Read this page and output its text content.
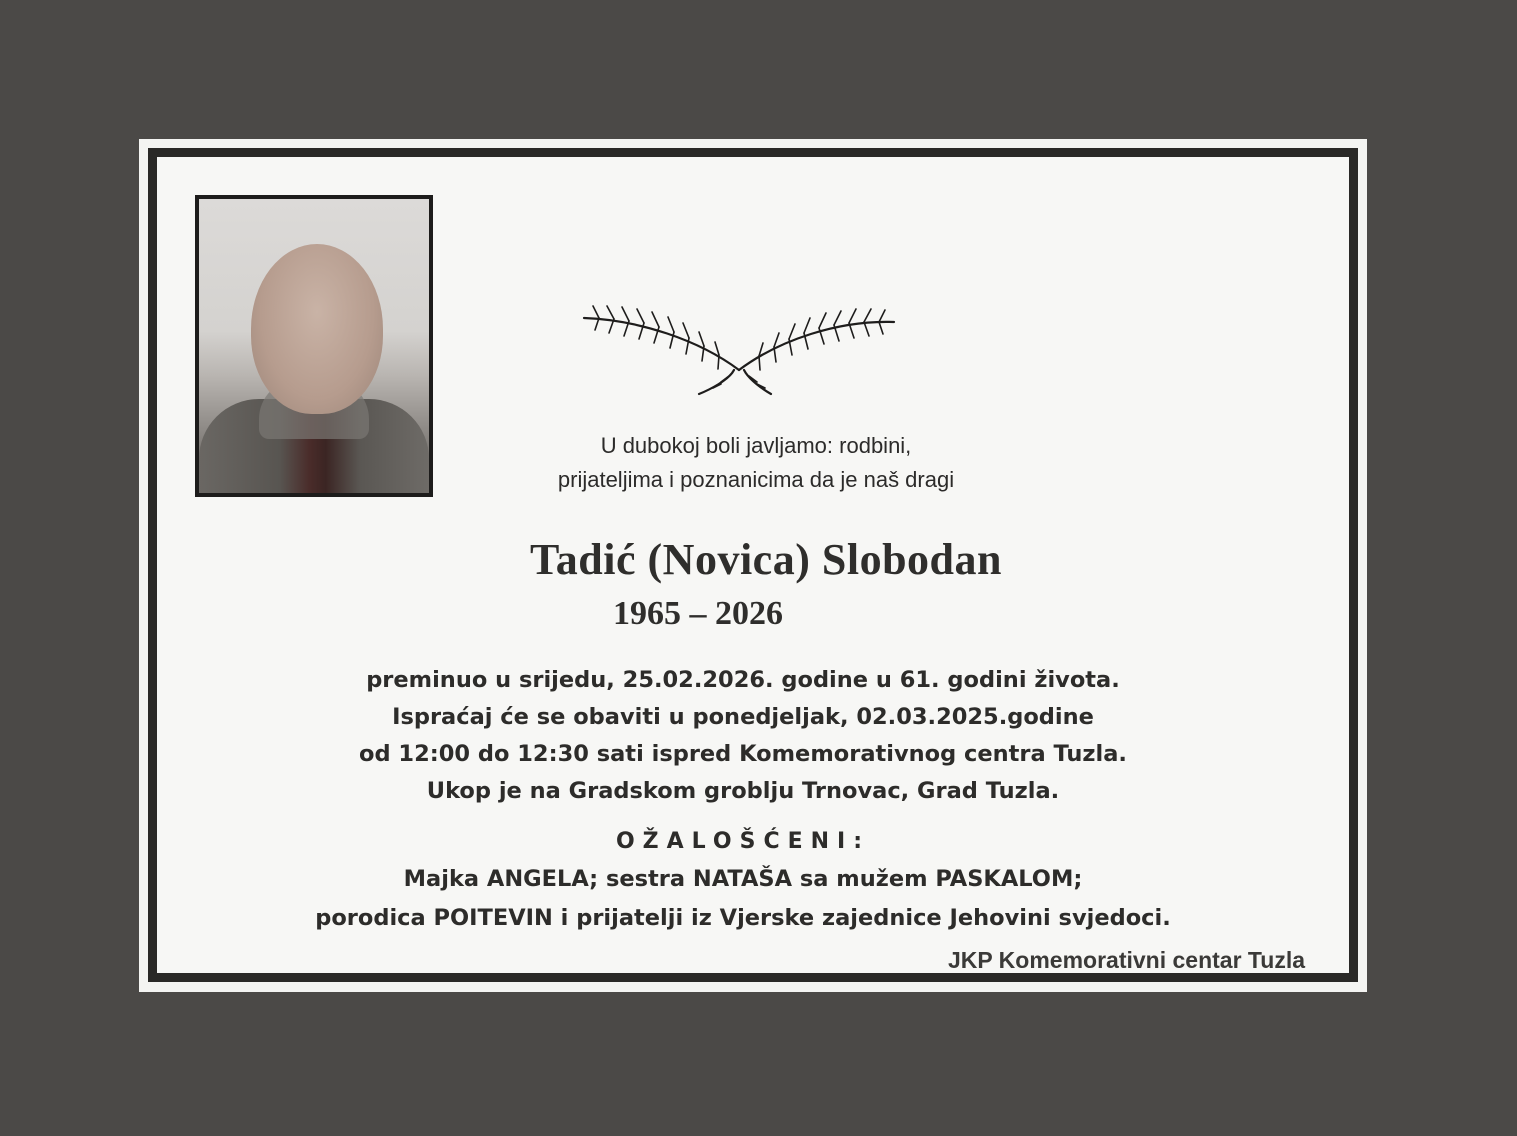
U dubokoj boli javljamo: rodbini,
prijateljima i poznanicima da je naš dragi
Tadić (Novica) Slobodan
1965 – 2026
preminuo u srijedu, 25.02.2026. godine u 61. godini života.
Ispraćaj će se obaviti u ponedjeljak, 02.03.2025.godine
od 12:00 do 12:30 sati ispred Komemorativnog centra Tuzla.
Ukop je na Gradskom groblju Trnovac, Grad Tuzla.
OŽALOŠĆENI:
Majka ANGELA; sestra NATAŠA sa mužem PASKALOM;
porodica POITEVIN i prijatelji iz Vjerske zajednice Jehovini svjedoci.

JKP Komemorativni centar Tuzla
